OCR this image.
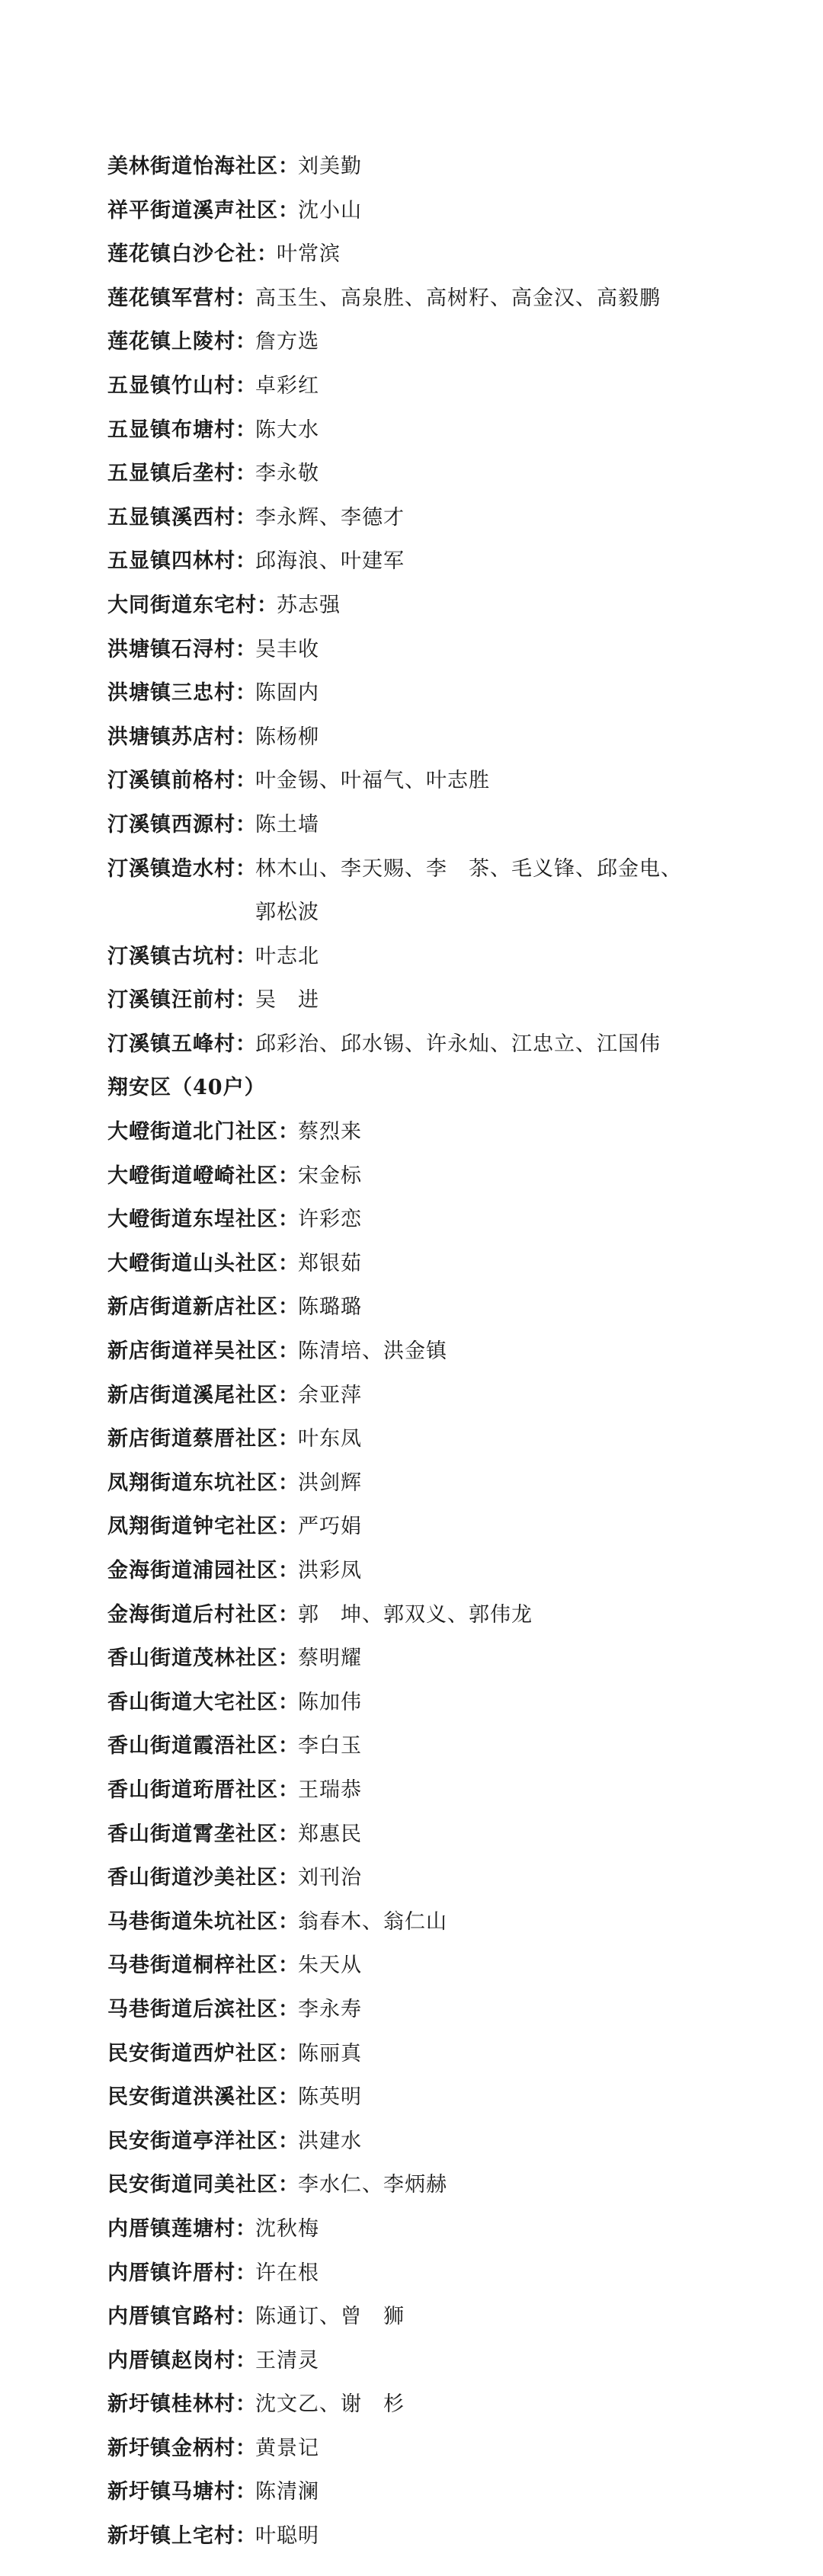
美林街道怡海社区：
刘美勤
祥平街道溪声社区：
沈小山
莲花镇白沙仑社：
叶常滨
莲花镇军营村：
高玉生、高泉胜、高树籽、高金汉、高毅鹏
莲花镇上陵村：
詹方选
五显镇竹山村：
卓彩红
五显镇布塘村：
陈大水
五显镇后垄村：
李永敬
五显镇溪西村：
李永辉、李德才
五显镇四林村：
邱海浪、叶建军
大同街道东宅村：
苏志强
洪塘镇石浔村：
吴丰收
洪塘镇三忠村：
陈固内
洪塘镇苏店村：
陈杨柳
汀溪镇前格村：
叶金锡、叶福气、叶志胜
汀溪镇西源村：
陈土墙
汀溪镇造水村：
林木山、李天赐、李　茶、毛义锋、邱金电、
郭松波
汀溪镇古坑村：
叶志北
汀溪镇汪前村：
吴　进
汀溪镇五峰村：
邱彩治、邱水锡、许永灿、江忠立、江国伟
翔安区（40户）
大嶝街道北门社区：
蔡烈来
大嶝街道嶝崎社区：
宋金标
大嶝街道东埕社区：
许彩恋
大嶝街道山头社区：
郑银茹
新店街道新店社区：
陈璐璐
新店街道祥吴社区：
陈清培、洪金镇
新店街道溪尾社区：
余亚萍
新店街道蔡厝社区：
叶东凤
凤翔街道东坑社区：
洪剑辉
凤翔街道钟宅社区：
严巧娟
金海街道浦园社区：
洪彩凤
金海街道后村社区：
郭　坤、郭双义、郭伟龙
香山街道茂林社区：
蔡明耀
香山街道大宅社区：
陈加伟
香山街道霞浯社区：
李白玉
香山街道珩厝社区：
王瑞恭
香山街道霄垄社区：
郑惠民
香山街道沙美社区：
刘刊治
马巷街道朱坑社区：
翁春木、翁仁山
马巷街道桐梓社区：
朱天从
马巷街道后滨社区：
李永寿
民安街道西炉社区：
陈丽真
民安街道洪溪社区：
陈英明
民安街道亭洋社区：
洪建水
民安街道同美社区：
李水仁、李炳赫
内厝镇莲塘村：
沈秋梅
内厝镇许厝村：
许在根
内厝镇官路村：
陈通订、曾　狮
内厝镇赵岗村：
王清灵
新圩镇桂林村：
沈文乙、谢　杉
新圩镇金柄村：
黄景记
新圩镇马塘村：
陈清澜
新圩镇上宅村：
叶聪明
